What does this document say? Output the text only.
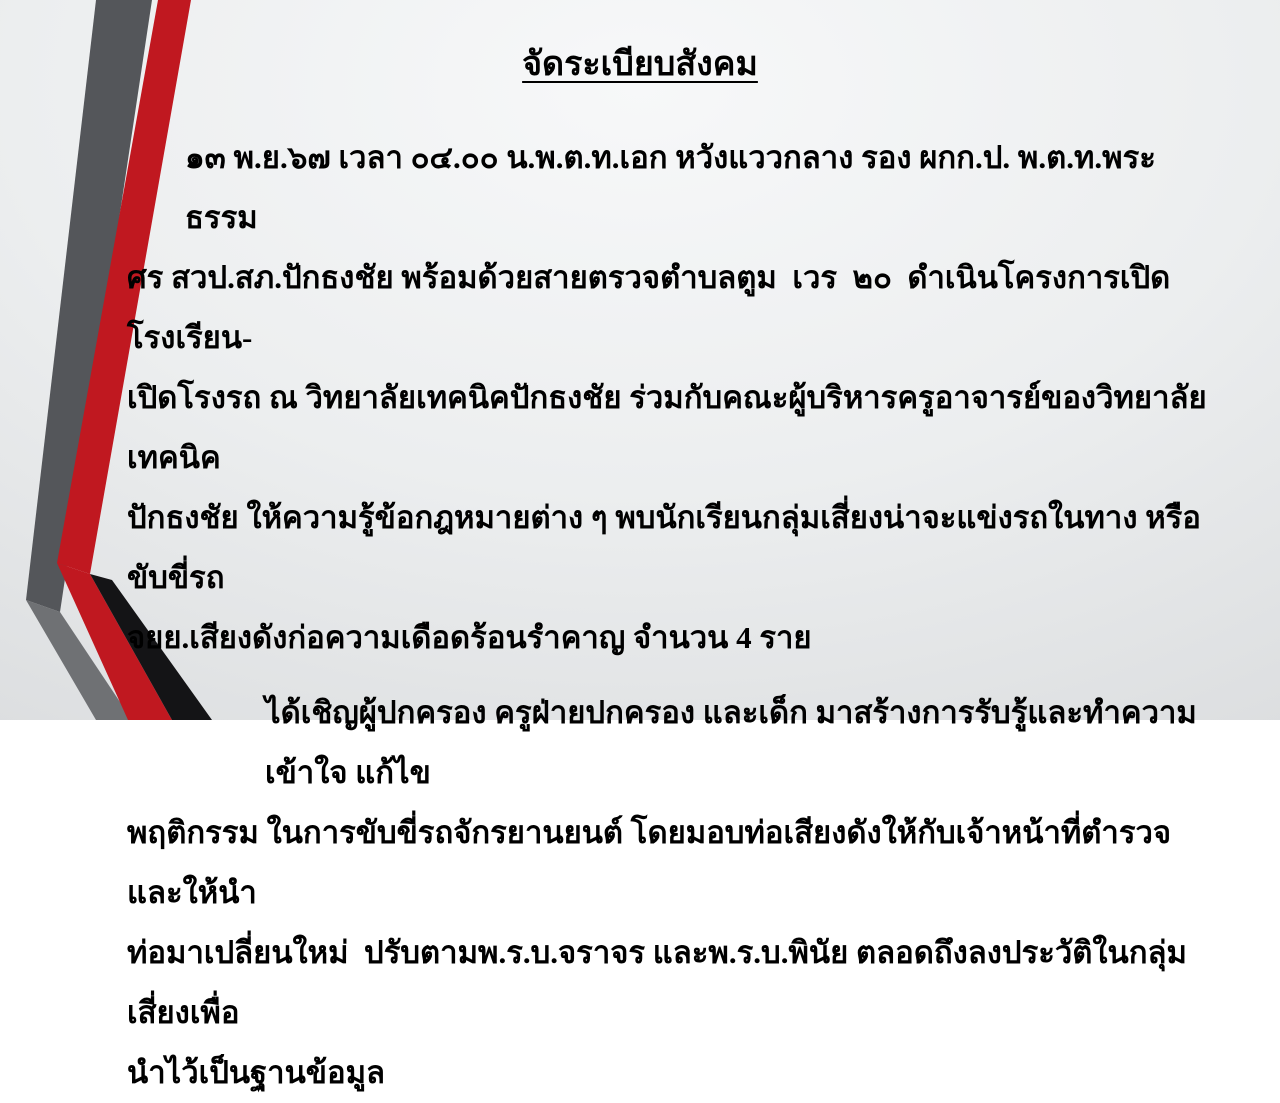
จัดระเบียบสังคม

๑๓ พ.ย.๖๗ เวลา ๐๔.๐๐ น.พ.ต.ท.เอก หวังแววกลาง รอง ผกก.ป. พ.ต.ท.พระ  ธรรม
ศร สวป.สภ.ปักธงชัย พร้อมด้วยสายตรวจตำบลตูม  เวร  ๒๐  ดำเนินโครงการเปิดโรงเรียน-
เปิดโรงรถ ณ วิทยาลัยเทคนิคปักธงชัย ร่วมกับคณะผู้บริหารครูอาจารย์ของวิทยาลัยเทคนิค
ปักธงชัย ให้ความรู้ข้อกฎหมายต่าง ๆ พบนักเรียนกลุ่มเสี่ยงน่าจะแข่งรถในทาง หรือ ขับขี่รถ
จยย.เสียงดังก่อความเดือดร้อนรำคาญ จำนวน 4 ราย

ได้เชิญผู้ปกครอง ครูฝ่ายปกครอง และเด็ก มาสร้างการรับรู้และทำความเข้าใจ แก้ไข
พฤติกรรม ในการขับขี่รถจักรยานยนต์ โดยมอบท่อเสียงดังให้กับเจ้าหน้าที่ตำรวจ  และให้นำ
ท่อมาเปลี่ยนใหม่  ปรับตามพ.ร.บ.จราจร และพ.ร.บ.พินัย ตลอดถึงลงประวัติในกลุ่มเสี่ยงเพื่อ
นำไว้เป็นฐานข้อมูล
